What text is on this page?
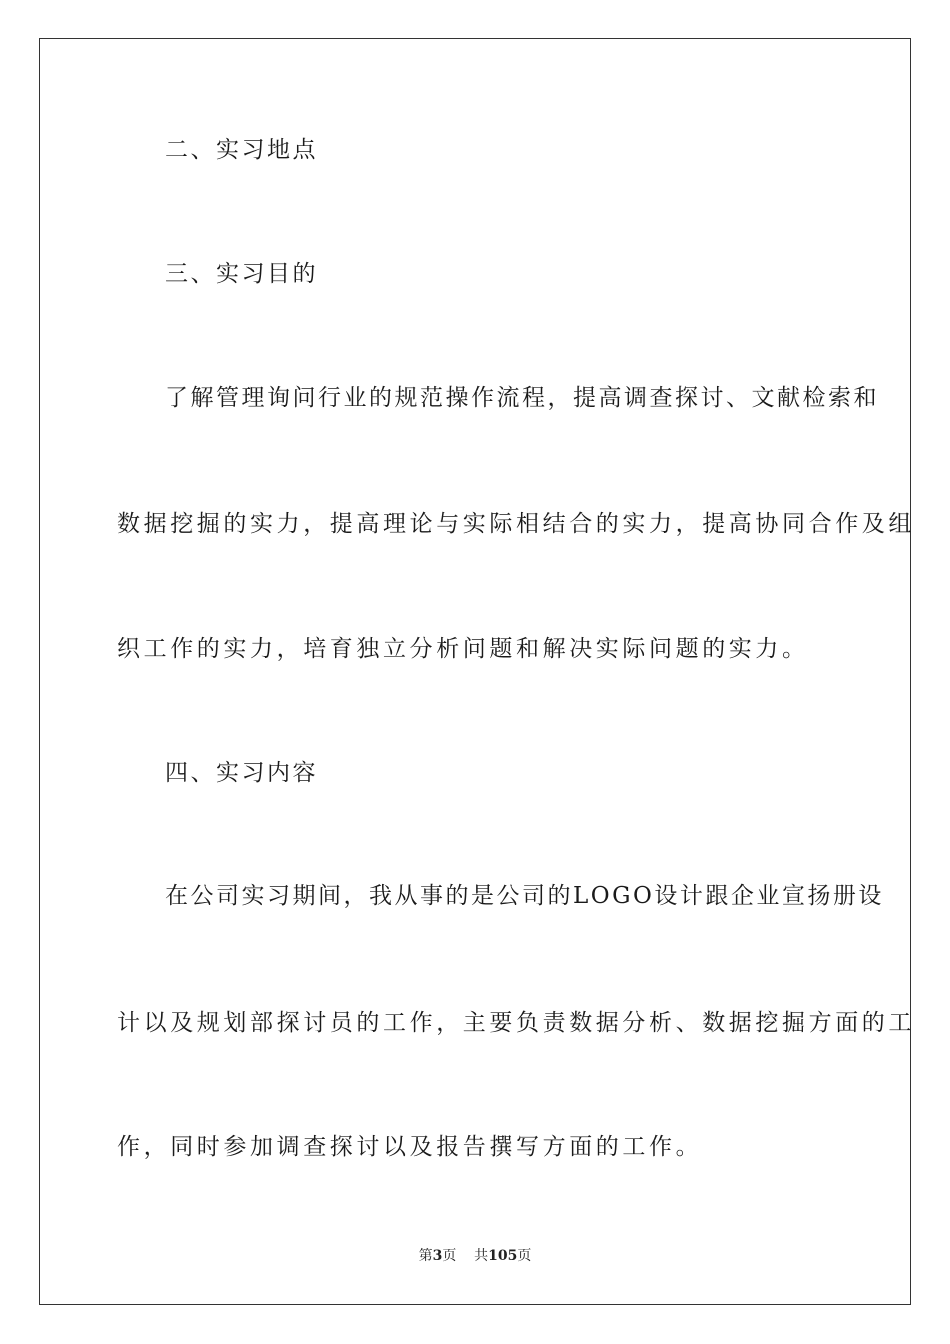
二、实习地点
三、实习目的
了解管理询问行业的规范操作流程，提高调查探讨、文献检索和
数据挖掘的实力，提高理论与实际相结合的实力，提高协同合作及组
织工作的实力，培育独立分析问题和解决实际问题的实力。
四、实习内容
在公司实习期间，我从事的是公司的LOGO设计跟企业宣扬册设
计以及规划部探讨员的工作，主要负责数据分析、数据挖掘方面的工
作，同时参加调查探讨以及报告撰写方面的工作。
第3页 共105页
